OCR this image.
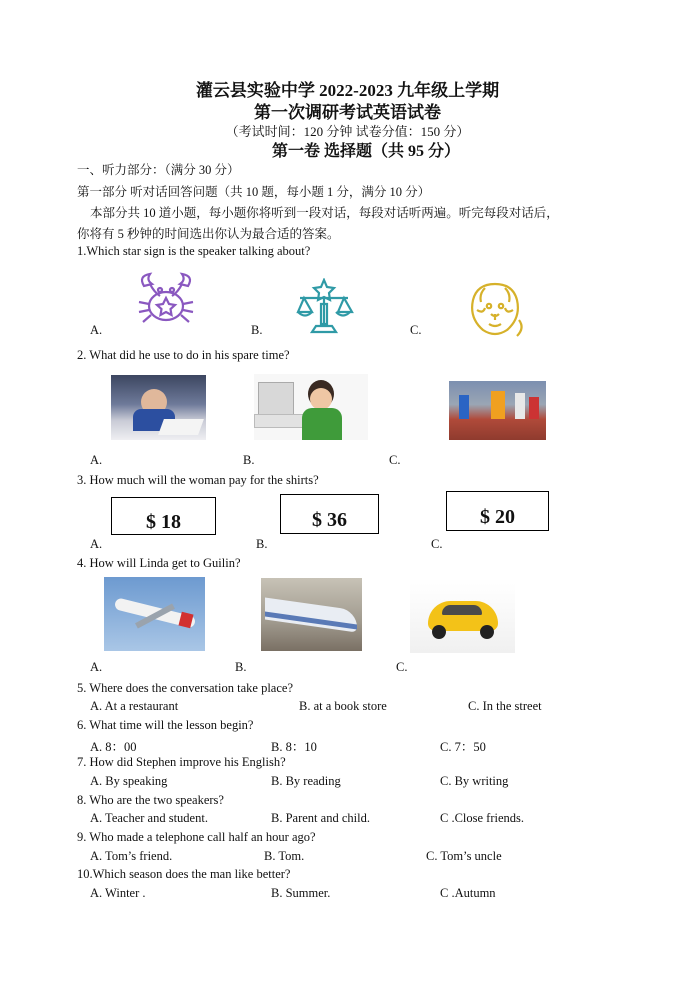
灌云县实验中学 2022-2023 九年级上学期
第一次调研考试英语试卷
（考试时间：120 分钟 试卷分值：150 分）
第一卷 选择题（共 95 分）
一、听力部分：（满分 30 分）
第一部分 听对话回答问题（共 10 题，每小题 1 分，满分 10 分）
本部分共 10 道小题，每小题你将听到一段对话，每段对话听两遍。听完每段对话后，
你将有 5 秒钟的时间选出你认为最合适的答案。
1.Which star sign is the speaker talking about?
A.	B.	C.
2. What did he use to do in his spare time?
A.	B.	C.
3. How much will the woman pay for the shirts?
$ 18	$ 36	$ 20
A.	B.	C.
4. How will Linda get to Guilin?
A.	B.	C.
5. Where does the conversation take place?
A. At a restaurant	B. at a book store	C. In the street
6. What time will the lesson begin?
A. 8：00	B. 8：10	C. 7：50
7. How did Stephen improve his English?
A. By speaking	B. By reading	C. By writing
8. Who are the two speakers?
A. Teacher and student.	B. Parent and child.	C .Close friends.
9. Who made a telephone call half an hour ago?
A. Tom’s friend.	B. Tom.	C. Tom’s uncle
10.Which season does the man like better?
A. Winter .	B. Summer.	C .Autumn
